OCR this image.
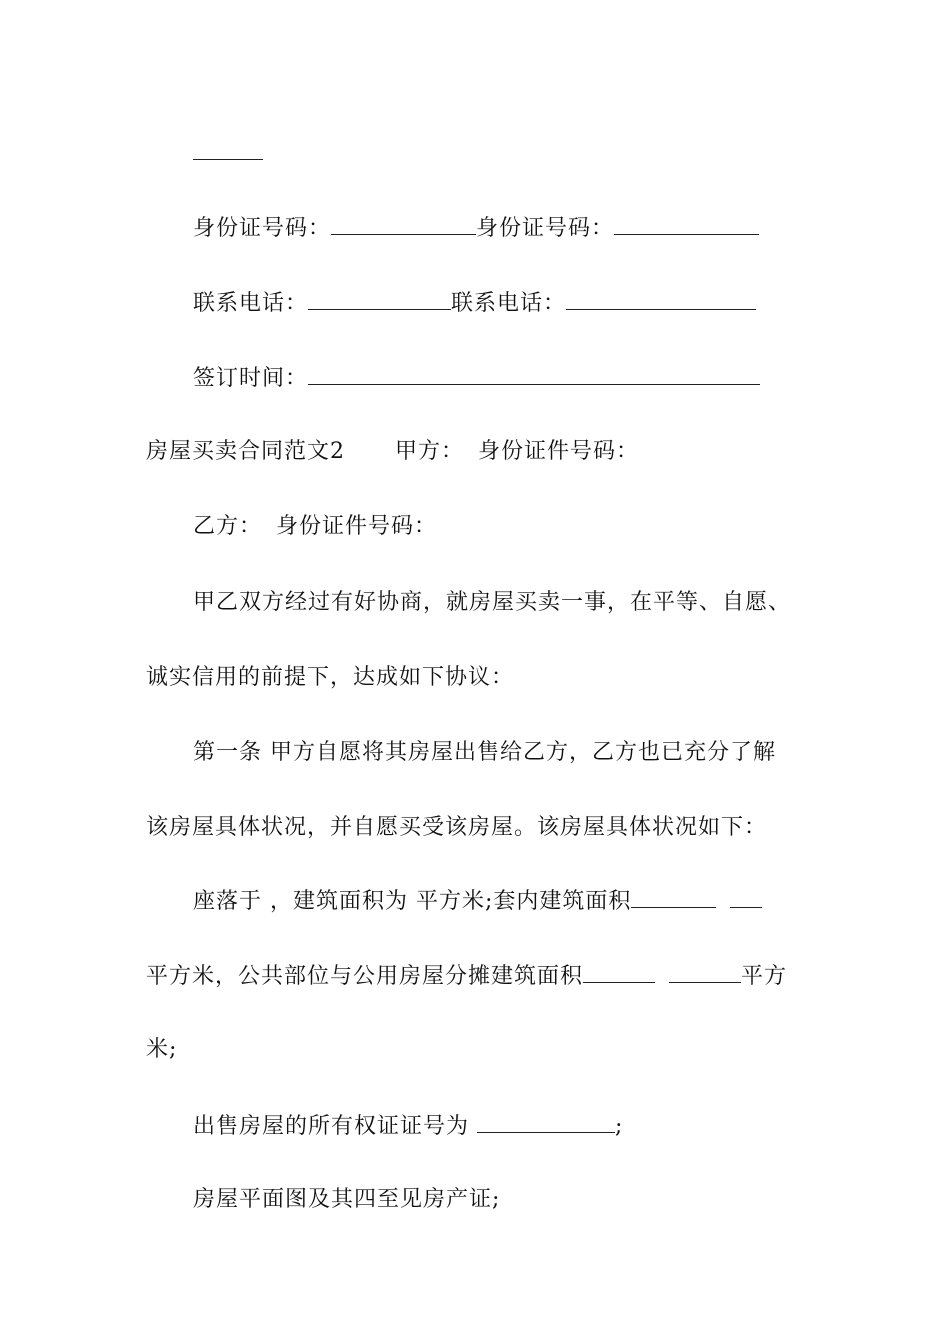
身份证号码：	身份证号码：
联系电话：	联系电话：
签订时间：
房屋买卖合同范文2 甲方： 身份证件号码：
乙方： 身份证件号码：
甲乙双方经过有好协商，就房屋买卖一事，在平等、自愿、
诚实信用的前提下，达成如下协议：
第一条 甲方自愿将其房屋出售给乙方，乙方也已充分了解
该房屋具体状况，并自愿买受该房屋。该房屋具体状况如下：
座落于 ，建筑面积为 平方米;套内建筑面积
平方米，公共部位与公用房屋分摊建筑面积	平方
米;
出售房屋的所有权证证号为	;
房屋平面图及其四至见房产证;
